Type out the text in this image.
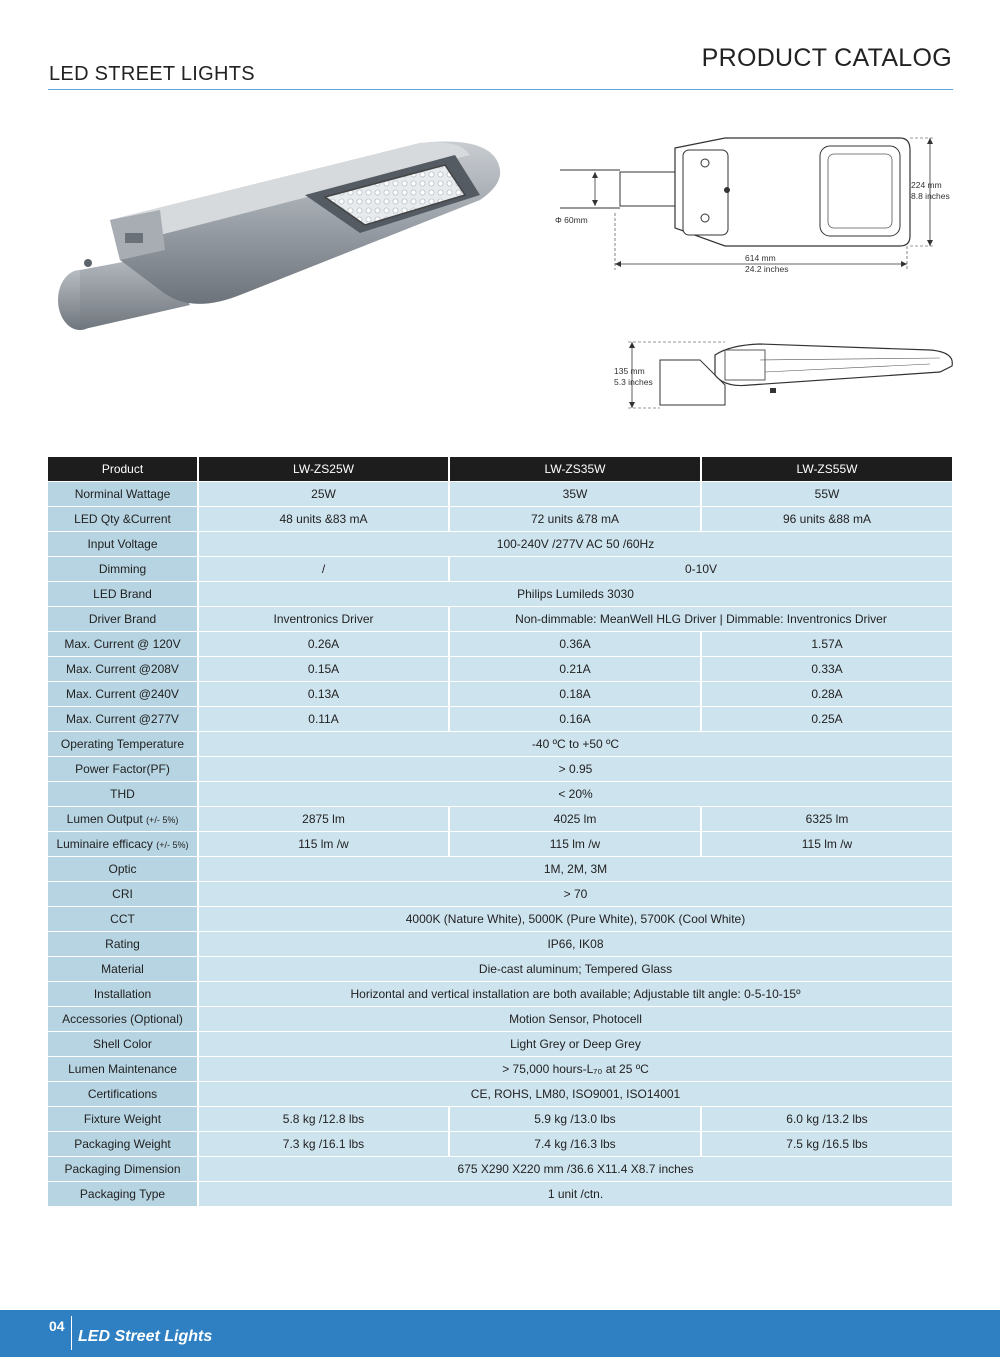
PRODUCT CATALOG
LED STREET LIGHTS
Φ 60mm
224 mm
8.8 inches
614 mm
24.2 inches
135 mm
5.3 inches
Product	LW-ZS25W	LW-ZS35W	LW-ZS55W
Norminal Wattage	25W	35W	55W
LED Qty &Current	48 units &83 mA	72 units &78 mA	96 units &88 mA
Input Voltage	100-240V /277V AC 50 /60Hz		
Dimming	/	0-10V	
LED Brand	Philips Lumileds 3030		
Driver Brand	Inventronics Driver	Non-dimmable: MeanWell HLG Driver | Dimmable: Inventronics Driver	
Max. Current @ 120V	0.26A	0.36A	1.57A
Max. Current @208V	0.15A	0.21A	0.33A
Max. Current @240V	0.13A	0.18A	0.28A
Max. Current @277V	0.11A	0.16A	0.25A
Operating Temperature	-40 ºC to +50 ºC		
Power Factor(PF)	> 0.95		
THD	< 20%		
Lumen Output (+/- 5%)	2875 lm	4025 lm	6325 lm
Luminaire efficacy (+/- 5%)	115 lm /w	115 lm /w	115 lm /w
Optic	1M, 2M, 3M		
CRI	> 70		
CCT	4000K (Nature White), 5000K (Pure White), 5700K (Cool White)		
Rating	IP66, IK08		
Material	Die-cast aluminum; Tempered Glass		
Installation	Horizontal and vertical installation are both available; Adjustable tilt angle: 0-5-10-15º		
Accessories (Optional)	Motion Sensor, Photocell		
Shell Color	Light Grey or Deep Grey		
Lumen Maintenance	> 75,000 hours-L₇₀ at 25 ºC		
Certifications	CE, ROHS, LM80, ISO9001, ISO14001		
Fixture Weight	5.8 kg /12.8 lbs	5.9 kg /13.0 lbs	6.0 kg /13.2 lbs
Packaging Weight	7.3 kg /16.1 lbs	7.4 kg /16.3 lbs	7.5 kg /16.5 lbs
Packaging Dimension	675 X290 X220 mm /36.6 X11.4 X8.7 inches		
Packaging Type	1 unit /ctn.		
04
LED Street Lights
